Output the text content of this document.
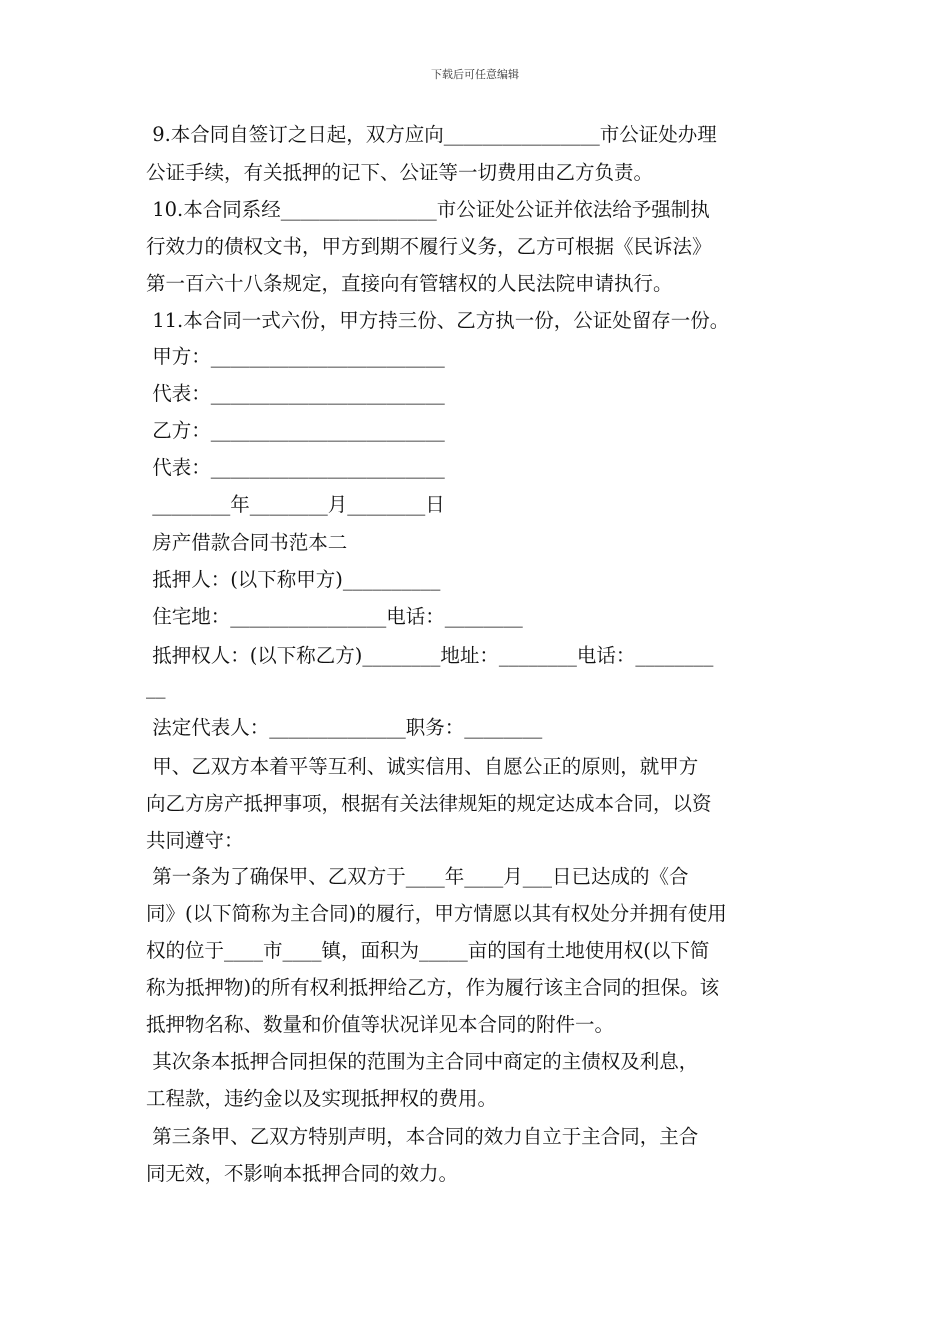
下载后可任意编辑
9.本合同自签订之日起，双方应向________________市公证处办理
公证手续，有关抵押的记下、公证等一切费用由乙方负责。
10.本合同系经________________市公证处公证并依法给予强制执
行效力的债权文书，甲方到期不履行义务，乙方可根据《民诉法》
第一百六十八条规定，直接向有管辖权的人民法院申请执行。
11.本合同一式六份，甲方持三份、乙方执一份，公证处留存一份。
甲方：________________________
代表：________________________
乙方：________________________
代表：________________________
________年________月________日
房产借款合同书范本二
抵押人：(以下称甲方)__________
住宅地：________________电话：________
抵押权人：(以下称乙方)________地址：________电话：________
__
法定代表人：______________职务：________
甲、乙双方本着平等互利、诚实信用、自愿公正的原则，就甲方
向乙方房产抵押事项，根据有关法律规矩的规定达成本合同，以资
共同遵守：
第一条为了确保甲、乙双方于____年____月___日已达成的《合
同》(以下简称为主合同)的履行，甲方情愿以其有权处分并拥有使用
权的位于____市____镇，面积为_____亩的国有土地使用权(以下简
称为抵押物)的所有权利抵押给乙方，作为履行该主合同的担保。该
抵押物名称、数量和价值等状况详见本合同的附件一。
其次条本抵押合同担保的范围为主合同中商定的主债权及利息，
工程款，违约金以及实现抵押权的费用。
第三条甲、乙双方特别声明，本合同的效力自立于主合同，主合
同无效，不影响本抵押合同的效力。
